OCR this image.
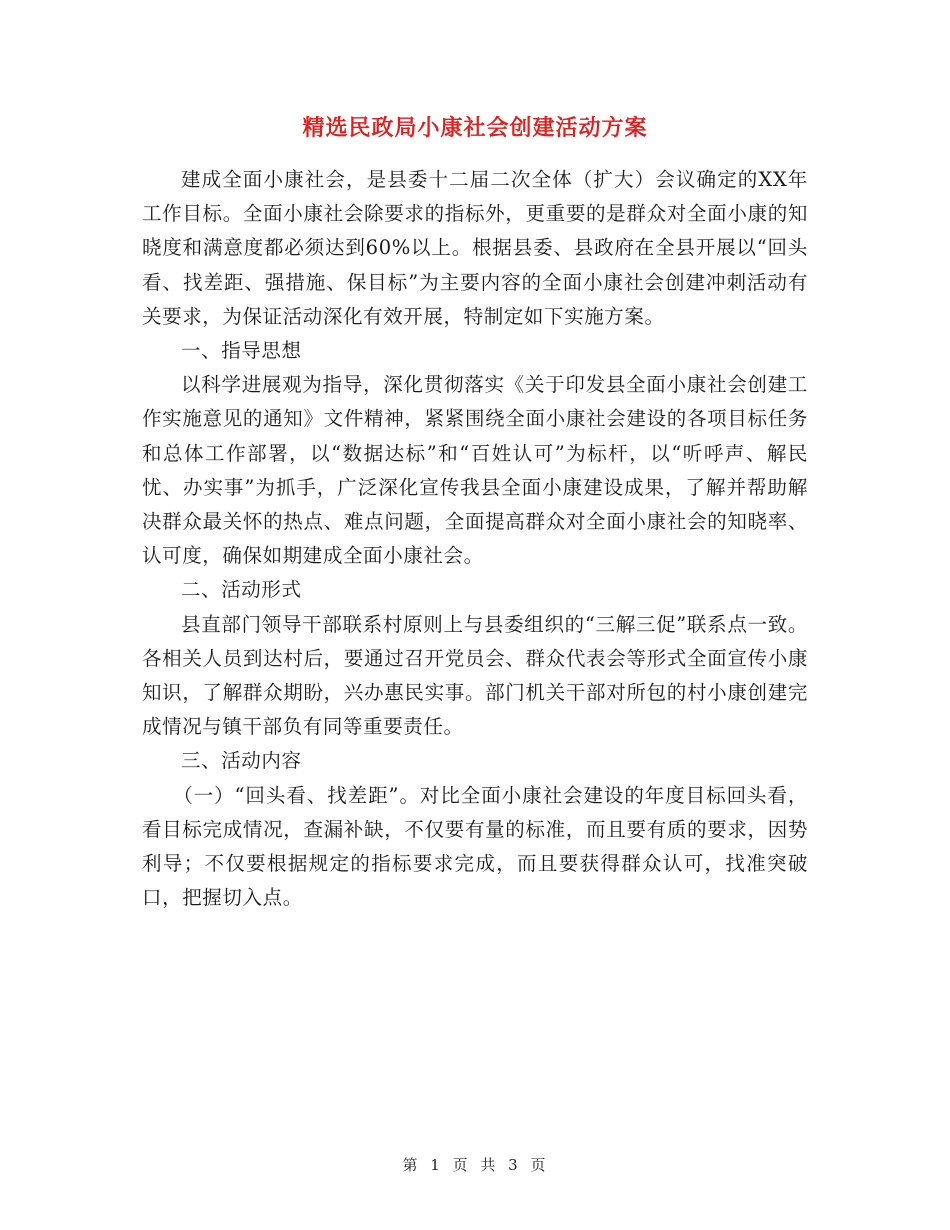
精选民政局小康社会创建活动方案

建成全面小康社会，是县委十二届二次全体（扩大）会议确定的XX年工作目标。全面小康社会除要求的指标外，更重要的是群众对全面小康的知晓度和满意度都必须达到60%以上。根据县委、县政府在全县开展以“回头看、找差距、强措施、保目标”为主要内容的全面小康社会创建冲刺活动有关要求，为保证活动深化有效开展，特制定如下实施方案。

一、指导思想

以科学进展观为指导，深化贯彻落实《关于印发县全面小康社会创建工作实施意见的通知》文件精神，紧紧围绕全面小康社会建设的各项目标任务和总体工作部署，以“数据达标”和“百姓认可”为标杆，以“听呼声、解民忧、办实事”为抓手，广泛深化宣传我县全面小康建设成果，了解并帮助解决群众最关怀的热点、难点问题，全面提高群众对全面小康社会的知晓率、认可度，确保如期建成全面小康社会。

二、活动形式

县直部门领导干部联系村原则上与县委组织的“三解三促”联系点一致。各相关人员到达村后，要通过召开党员会、群众代表会等形式全面宣传小康知识，了解群众期盼，兴办惠民实事。部门机关干部对所包的村小康创建完成情况与镇干部负有同等重要责任。

三、活动内容

（一）“回头看、找差距”。对比全面小康社会建设的年度目标回头看，看目标完成情况，查漏补缺，不仅要有量的标准，而且要有质的要求，因势利导；不仅要根据规定的指标要求完成，而且要获得群众认可，找准突破口，把握切入点。

第 1 页 共 3 页
